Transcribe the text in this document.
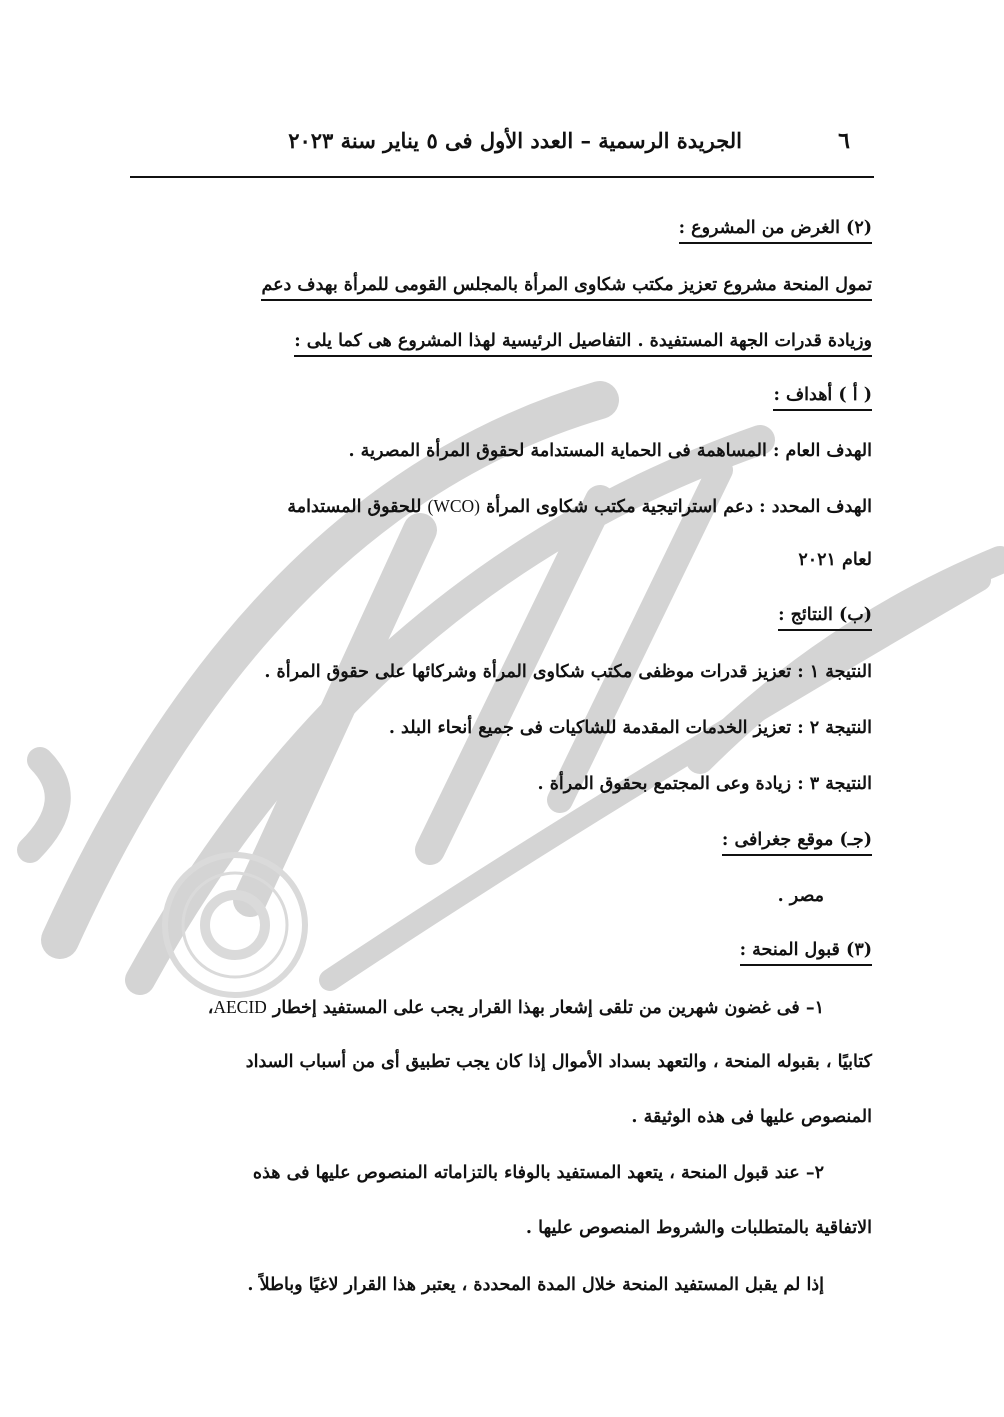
٦
الجريدة الرسمية – العدد الأول فى ٥ يناير سنة ٢٠٢٣
(٢) الغرض من المشروع :
تمول المنحة مشروع تعزيز مكتب شكاوى المرأة بالمجلس القومى للمرأة بهدف دعم
وزيادة قدرات الجهة المستفيدة . التفاصيل الرئيسية لهذا المشروع هى كما يلى :
( أ ) أهداف :
الهدف العام : المساهمة فى الحماية المستدامة لحقوق المرأة المصرية .
الهدف المحدد : دعم استراتيجية مكتب شكاوى المرأة (WCO) للحقوق المستدامة
لعام ٢٠٢١
(ب) النتائج :
النتيجة ١ : تعزيز قدرات موظفى مكتب شكاوى المرأة وشركائها على حقوق المرأة .
النتيجة ٢ : تعزيز الخدمات المقدمة للشاكيات فى جميع أنحاء البلد .
النتيجة ٣ : زيادة وعى المجتمع بحقوق المرأة .
(جـ) موقع جغرافى :
مصر .
(٣) قبول المنحة :
١– فى غضون شهرين من تلقى إشعار بهذا القرار يجب على المستفيد إخطار AECID،
كتابيًا ، بقبوله المنحة ، والتعهد بسداد الأموال إذا كان يجب تطبيق أى من أسباب السداد
المنصوص عليها فى هذه الوثيقة .
٢– عند قبول المنحة ، يتعهد المستفيد بالوفاء بالتزاماته المنصوص عليها فى هذه
الاتفاقية بالمتطلبات والشروط المنصوص عليها .
إذا لم يقبل المستفيد المنحة خلال المدة المحددة ، يعتبر هذا القرار لاغيًا وباطلاً .
